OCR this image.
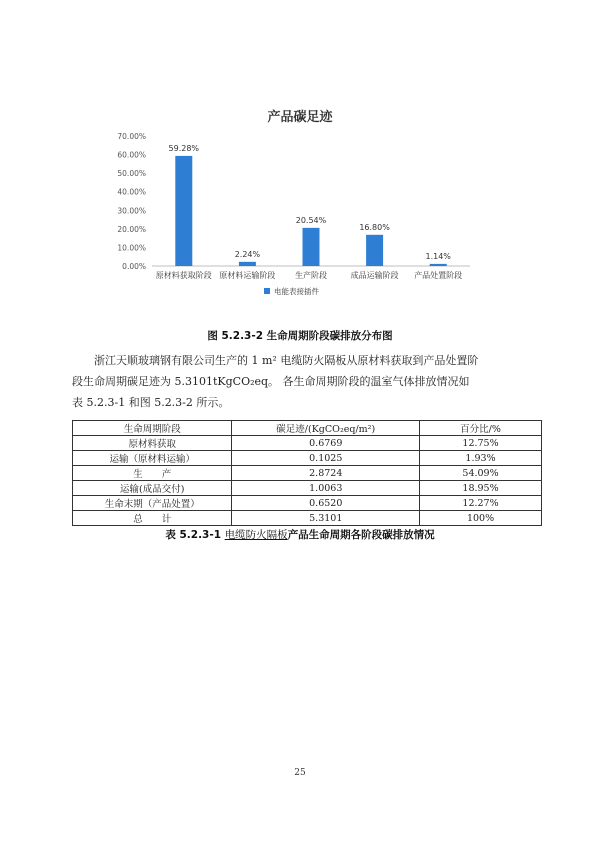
产品碳足迹
0.00%
10.00%
20.00%
30.00%
40.00%
50.00%
60.00%
70.00%
59.28%
原材料获取阶段
2.24%
原材料运输阶段
20.54%
生产阶段
16.80%
成品运输阶段
1.14%
产品处置阶段
电能表接插件
图 5.2.3-2 生命周期阶段碳排放分布图

浙江天顺玻璃钢有限公司生产的 1 m² 电缆防火隔板从原材料获取到产品处置阶

段生命周期碳足迹为 5.3101tKgCO₂eq。 各生命周期阶段的温室气体排放情况如

表 5.2.3-1 和图 5.2.3-2 所示。

生命周期阶段	碳足迹/(KgCO₂eq/m²)	百分比/%
原材料获取	0.6769	12.75%
运输（原材料运输）	0.1025	1.93%
生　　产	2.8724	54.09%
运输(成品交付)	1.0063	18.95%
生命末期（产品处置）	0.6520	12.27%
总　　计	5.3101	100%
表 5.2.3-1 电缆防火隔板产品生命周期各阶段碳排放情况
25
